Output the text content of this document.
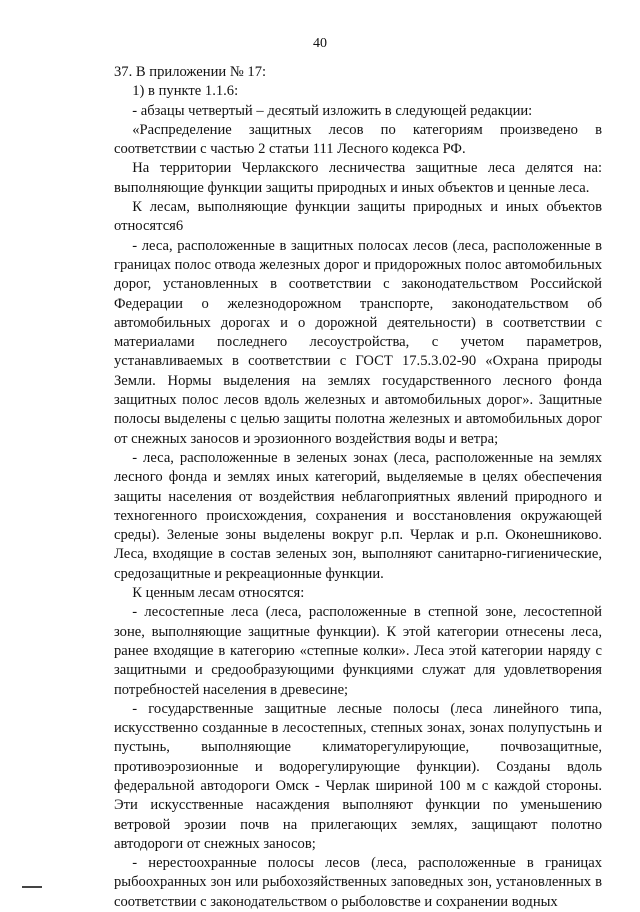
40

37. В приложении № 17:

1) в пункте 1.1.6:

- абзацы четвертый – десятый изложить в следующей редакции:

«Распределение защитных лесов по категориям произведено в соответствии с частью 2 статьи 111 Лесного кодекса РФ.

На территории Черлакского лесничества защитные леса делятся на: выполняющие функции защиты природных и иных объектов и ценные леса.

К лесам, выполняющие функции защиты природных и иных объектов относятся6

- леса, расположенные в защитных полосах лесов (леса, расположенные в границах полос отвода железных дорог и придорожных полос автомобильных дорог, установленных в соответствии с законодательством Российской Федерации о железнодорожном транспорте, законодательством об автомобильных дорогах и о дорожной деятельности) в соответствии с материалами последнего лесоустройства, с учетом параметров, устанавливаемых в соответствии с ГОСТ 17.5.3.02-90 «Охрана природы Земли. Нормы выделения на землях государственного лесного фонда защитных полос лесов вдоль железных и автомобильных дорог». Защитные полосы выделены с целью защиты полотна железных и автомобильных дорог от снежных заносов и эрозионного воздействия воды и ветра;

- леса, расположенные в зеленых зонах (леса, расположенные на землях лесного фонда и землях иных категорий, выделяемые в целях обеспечения защиты населения от воздействия неблагоприятных явлений природного и техногенного происхождения, сохранения и восстановления окружающей среды). Зеленые зоны выделены вокруг р.п. Черлак и р.п. Оконешниково. Леса, входящие в состав зеленых зон, выполняют санитарно-гигиенические, средозащитные и рекреационные функции.

К ценным лесам относятся:

- лесостепные леса (леса, расположенные в степной зоне, лесостепной зоне, выполняющие защитные функции). К этой категории отнесены леса, ранее входящие в категорию «степные колки». Леса этой категории наряду с защитными и средообразующими функциями служат для удовлетворения потребностей населения в древесине;

- государственные защитные лесные полосы (леса линейного типа, искусственно созданные в лесостепных, степных зонах, зонах полупустынь и пустынь, выполняющие климаторегулирующие, почвозащитные, противоэрозионные и водорегулирующие функции). Созданы вдоль федеральной автодороги Омск - Черлак шириной 100 м с каждой стороны. Эти искусственные насаждения выполняют функции по уменьшению ветровой эрозии почв на прилегающих землях, защищают полотно автодороги от снежных заносов;

- нерестоохранные полосы лесов (леса, расположенные в границах рыбоохранных зон или рыбохозяйственных заповедных зон, установленных в соответствии с законодательством о рыболовстве и сохранении водных
